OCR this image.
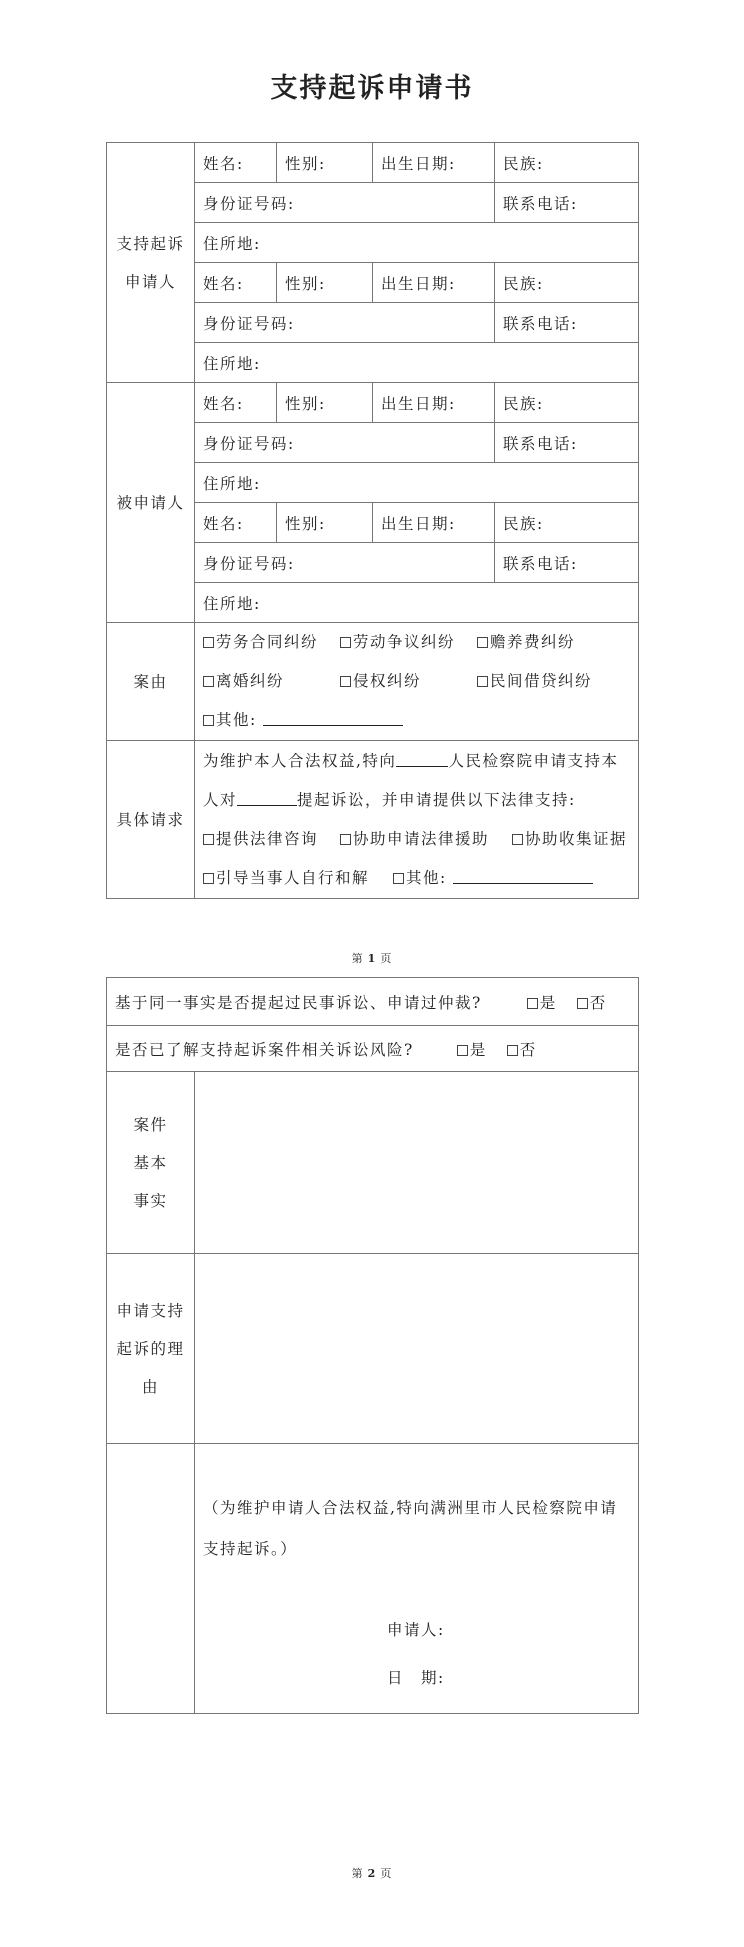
支持起诉申请书
支持起诉
申请人	姓名:	性别:	出生日期:	民族:
	身份证号码:			联系电话:
	住所地:			
	姓名:	性别:	出生日期:	民族:
	身份证号码:			联系电话:
	住所地:			
被申请人	姓名:	性别:	出生日期:	民族:
	身份证号码:			联系电话:
	住所地:			
	姓名:	性别:	出生日期:	民族:
	身份证号码:			联系电话:
	住所地:			
案由	劳务合同纠纷 劳动争议纠纷 赡养费纠纷
离婚纠纷 侵权纠纷 民间借贷纠纷
其他:			

具体请求	为维护本人合法权益,特向 人民检察院申请支持本
人对 提起诉讼，并申请提供以下法律支持:
提供法律咨询 协助申请法律援助 协助收集证据
引导当事人自行和解 其他:			
第 1 页
基于同一事实是否提起过民事诉讼、申请过仲裁? 是 否	
是否已了解支持起诉案件相关诉讼风险? 是 否	

案件
基本
事实	

申请支持
起诉的理
由	

	（为维护申请人合法权益,特向满洲里市人民检察院申请
支持起诉。）
申请人:
日　期:
第 2 页
